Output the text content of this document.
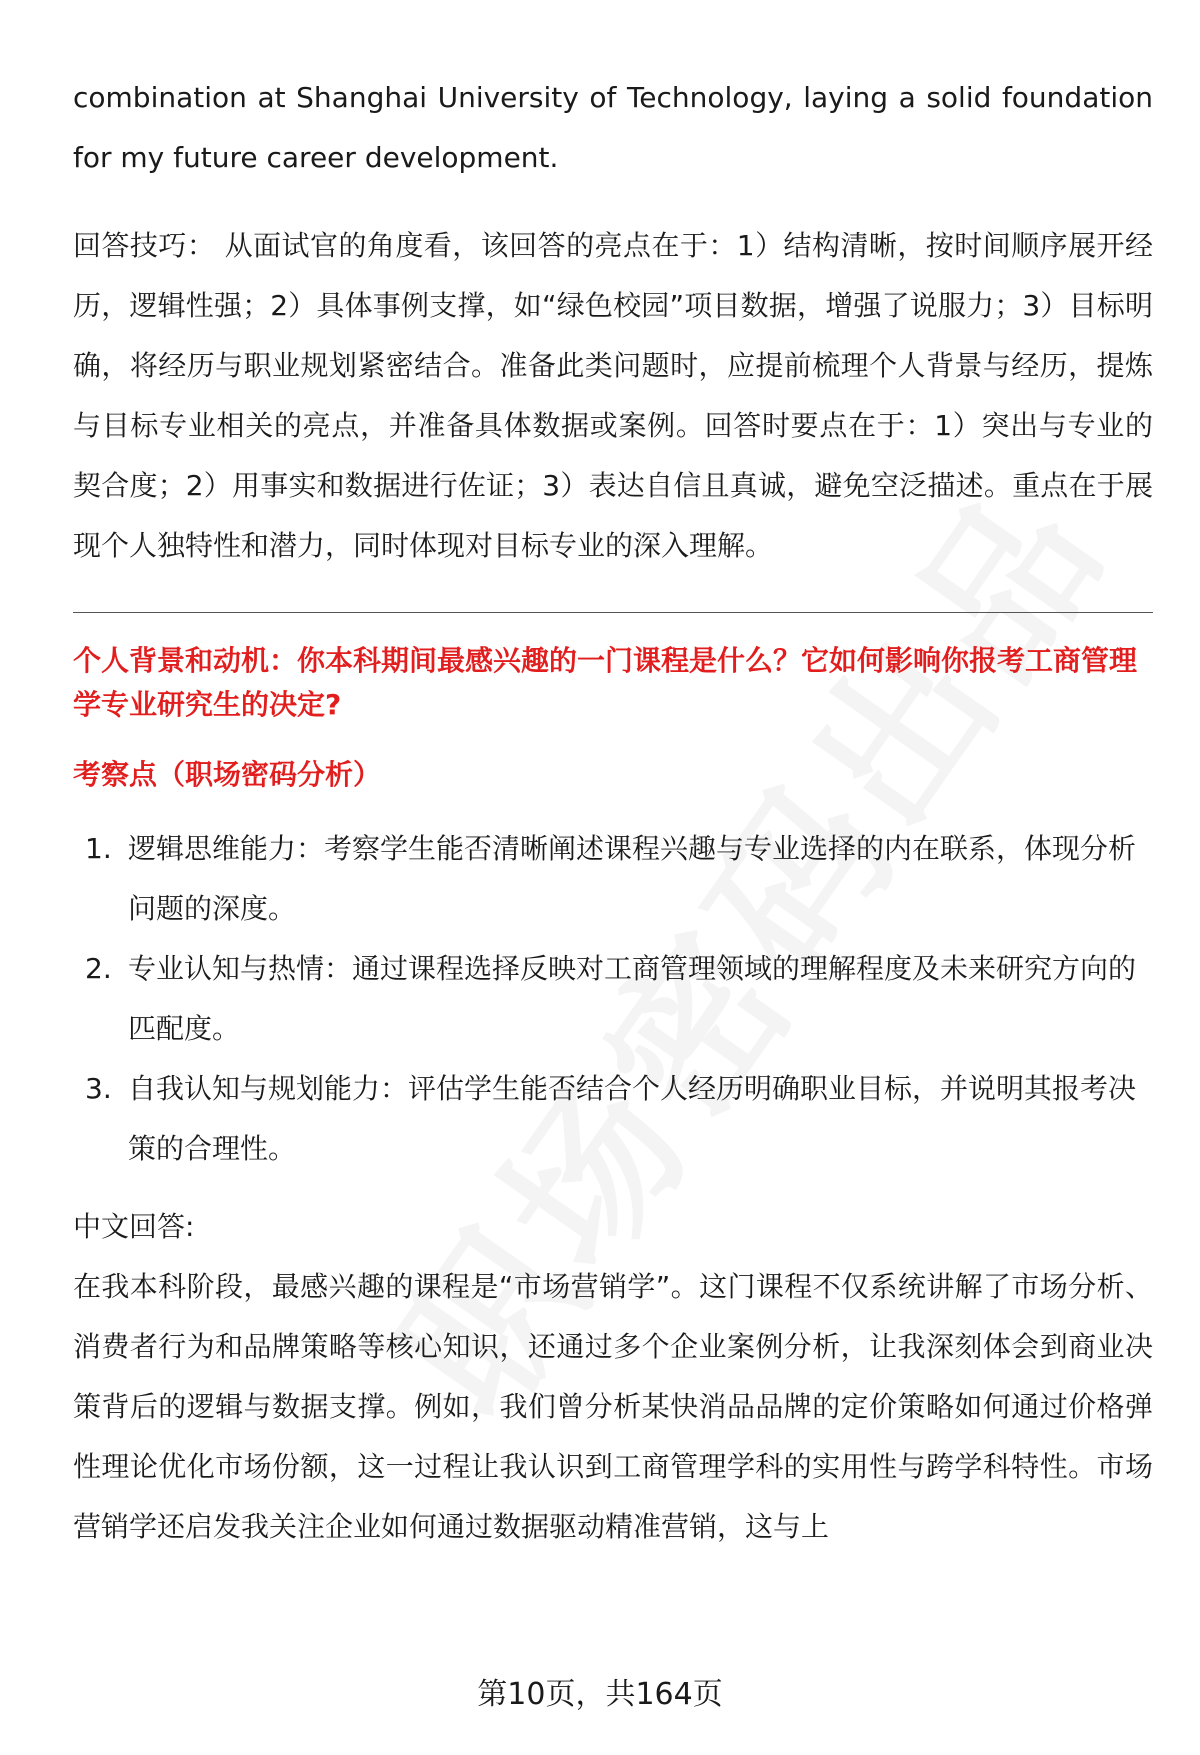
combination at Shanghai University of Technology, laying a solid foundation for my future career development.

回答技巧： 从面试官的角度看，该回答的亮点在于：1）结构清晰，按时间顺序展开经历，逻辑性强；2）具体事例支撑，如“绿色校园”项目数据，增强了说服力；3）目标明确，将经历与职业规划紧密结合。准备此类问题时，应提前梳理个人背景与经历，提炼与目标专业相关的亮点，并准备具体数据或案例。回答时要点在于：1）突出与专业的契合度；2）用事实和数据进行佐证；3）表达自信且真诚，避免空泛描述。重点在于展现个人独特性和潜力，同时体现对目标专业的深入理解。

个人背景和动机：你本科期间最感兴趣的一门课程是什么？它如何影响你报考工商管理学专业研究生的决定?

考察点（职场密码分析）

1. 逻辑思维能力：考察学生能否清晰阐述课程兴趣与专业选择的内在联系，体现分析问题的深度。
2. 专业认知与热情：通过课程选择反映对工商管理领域的理解程度及未来研究方向的匹配度。
3. 自我认知与规划能力：评估学生能否结合个人经历明确职业目标，并说明其报考决策的合理性。

中文回答:

在我本科阶段，最感兴趣的课程是“市场营销学”。这门课程不仅系统讲解了市场分析、消费者行为和品牌策略等核心知识，还通过多个企业案例分析，让我深刻体会到商业决策背后的逻辑与数据支撑。例如，我们曾分析某快消品品牌的定价策略如何通过价格弹性理论优化市场份额，这一过程让我认识到工商管理学科的实用性与跨学科特性。市场营销学还启发我关注企业如何通过数据驱动精准营销，这与上

第10页，共164页
